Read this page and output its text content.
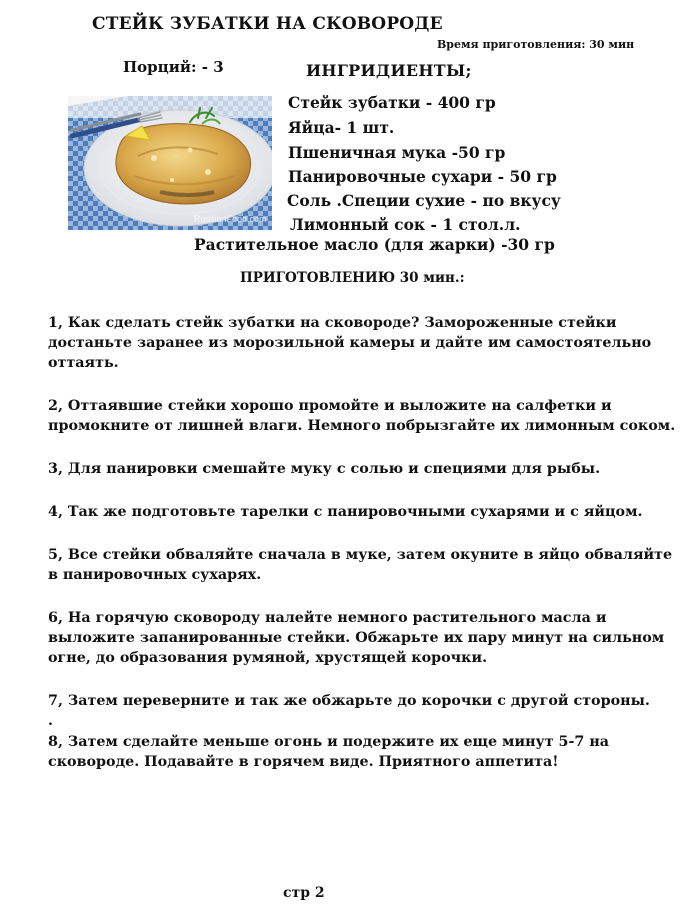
СТЕЙК ЗУБАТКИ НА СКОВОРОДЕ
Время приготовления: 30 мин
Порций: - 3	ИНГРИДИЕНТЫ;
RussianFood.com
Стейк зубатки - 400 гр
Яйца- 1 шт.
Пшеничная мука -50 гр
Панировочные сухари - 50 гр
Соль .Специи сухие - по вкусу
Лимонный сок - 1 стол.л.
Растительное масло (для жарки) -30 гр
ПРИГОТОВЛЕНИЮ 30 мин.:

1, Как сделать стейк зубатки на сковороде? Замороженные стейки достаньте заранее из морозильной камеры и дайте им самостоятельно оттаять.

2, Оттаявшие стейки хорошо промойте и выложите на салфетки и промокните от лишней влаги. Немного побрызгайте их лимонным соком.

3, Для панировки смешайте муку с солью и специями для рыбы.

4, Так же подготовьте тарелки с панировочными сухарями и с яйцом.

5, Все стейки обваляйте сначала в муке, затем окуните в яйцо обваляйте в панировочных сухарях.

6, На горячую сковороду налейте немного растительного масла и выложите запанированные стейки. Обжарьте их пару минут на сильном огне, до образования румяной, хрустящей корочки.

7, Затем переверните и так же обжарьте до корочки с другой стороны.

.

8, Затем сделайте меньше огонь и подержите их еще минут 5-7 на сковороде. Подавайте в горячем виде. Приятного аппетита!

стр 2
